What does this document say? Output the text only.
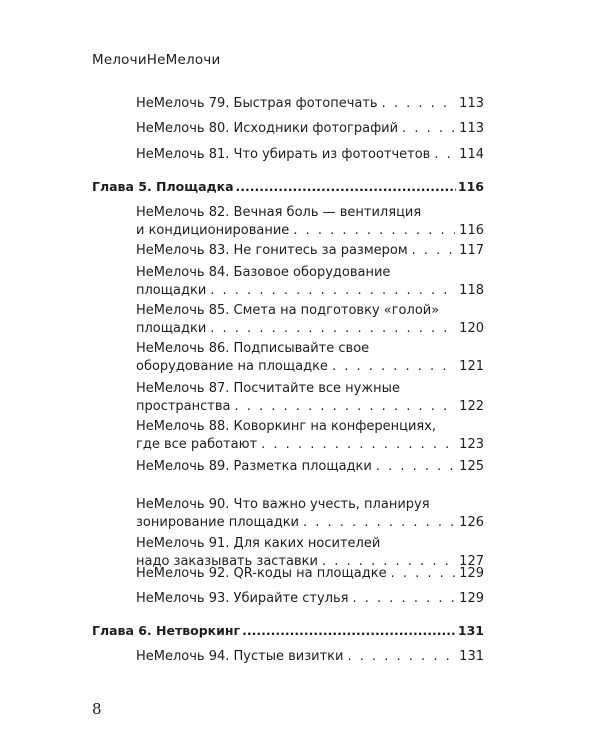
МелочиНеМелочи
НеМелочь 79. Быстрая фотопечать . . .	113
НеМелочь 80. Исходники фотографий . . .	113
НеМелочь 81. Что убирать из фотоотчетов . . . 114
Глава 5. Площадка .....	116
НеМелочь 82. Вечная боль — вентиляция
и кондиционирование . . .	116
НеМелочь 83. Не гонитесь за размером . . .	117
НеМелочь 84. Базовое оборудование
площадки . . .	118
НеМелочь 85. Смета на подготовку «голой»
площадки . . .	120
НеМелочь 86. Подписывайте свое
оборудование на площадке . . .	121
НеМелочь 87. Посчитайте все нужные
пространства . . .	122
НеМелочь 88. Коворкинг на конференциях,
где все работают . . .	123
НеМелочь 89. Разметка площадки . . .	125
НеМелочь 90. Что важно учесть, планируя
зонирование площадки . . .	126
НеМелочь 91. Для каких носителей
надо заказывать заставки . . .	127
НеМелочь 92. QR-коды на площадке . . .	129
НеМелочь 93. Убирайте стулья . . .	129
Глава 6. Нетворкинг .....	131
НеМелочь 94. Пустые визитки . . .	131
8
